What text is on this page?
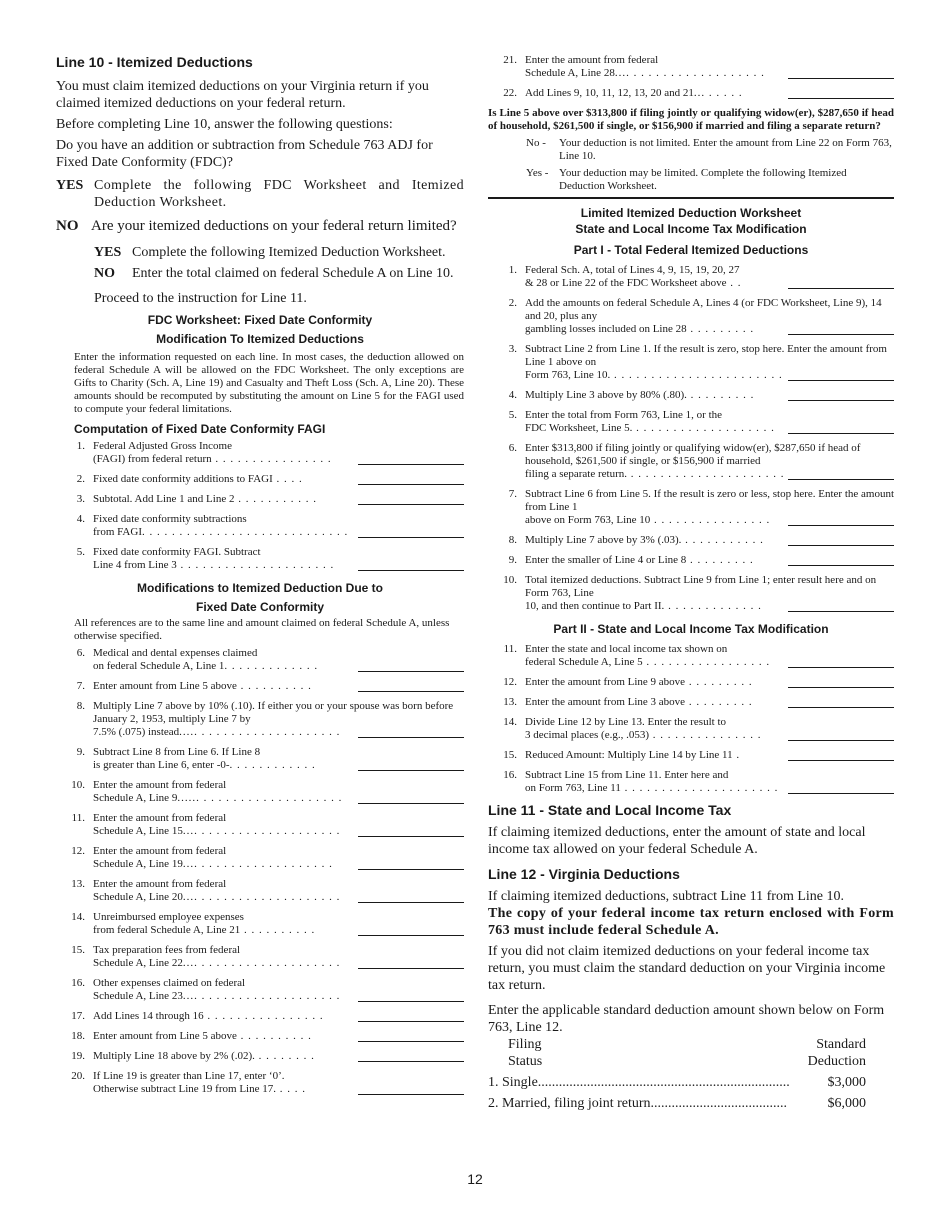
Line 10 - Itemized Deductions

You must claim itemized deductions on your Virginia return if you claimed itemized deductions on your federal return.

Before completing Line 10, answer the following questions:

Do you have an addition or subtraction from Schedule 763 ADJ for Fixed Date Conformity (FDC)?

YES Complete the following FDC Worksheet and Itemized Deduction Worksheet.
NO Are your itemized deductions on your federal return limited?
YES Complete the following Itemized Deduction Worksheet.
NO	Enter the total claimed on federal Schedule A on Line 10.

Proceed to the instruction for Line 11.

FDC Worksheet: Fixed Date Conformity
Modification To Itemized Deductions

Enter the information requested on each line. In most cases, the deduction allowed on federal Schedule A will be allowed on the FDC Worksheet. The only exceptions are Gifts to Charity (Sch. A, Line 19) and Casualty and Theft Loss (Sch. A, Line 20). These amounts should be recomputed by substituting the amount on Line 5 for the FAGI used to compute your federal limitations.

Computation of Fixed Date Conformity FAGI
1. Federal Adjusted Gross Income

(FAGI) from federal return . . . . . . . . . . . . . . . .
2. Fixed date conformity additions to FAGI . . . .
3. Subtotal. Add Line 1 and Line 2 . . . . . . . . . . .
4. Fixed date conformity subtractions

from FAGI. . . . . . . . . . . . . . . . . . . . . . . . . . . .
5. Fixed date conformity FAGI. Subtract

Line 4 from Line 3 . . . . . . . . . . . . . . . . . . . . .
Modifications to Itemized Deduction Due to
Fixed Date Conformity

All references are to the same line and amount claimed on federal Schedule A, unless otherwise specified.

6. Medical and dental expenses claimed

on federal Schedule A, Line 1. . . . . . . . . . . . .
7. Enter amount from Line 5 above . . . . . . . . . .
8. Multiply Line 7 above by 10% (.10). If either you or your spouse was born before January 2, 1953, multiply Line 7 by

7.5% (.075) instead..... . . . . . . . . . . . . . . . . . . .
9. Subtract Line 8 from Line 6. If Line 8

is greater than Line 6, enter -0-. . . . . . . . . . . .
10. Enter the amount from federal

Schedule A, Line 9...... . . . . . . . . . . . . . . . . . . .
11. Enter the amount from federal

Schedule A, Line 15.... . . . . . . . . . . . . . . . . . . .
12. Enter the amount from federal

Schedule A, Line 19.... . . . . . . . . . . . . . . . . . .
13. Enter the amount from federal

Schedule A, Line 20.... . . . . . . . . . . . . . . . . . . .
14. Unreimbursed employee expenses

from federal Schedule A, Line 21 . . . . . . . . . .
15. Tax preparation fees from federal

Schedule A, Line 22.... . . . . . . . . . . . . . . . . . . .
16. Other expenses claimed on federal

Schedule A, Line 23.... . . . . . . . . . . . . . . . . . . .
17. Add Lines 14 through 16 . . . . . . . . . . . . . . . .
18. Enter amount from Line 5 above . . . . . . . . . .
19. Multiply Line 18 above by 2% (.02). . . . . . . . .
20. If Line 19 is greater than Line 17, enter ‘0’.

Otherwise subtract Line 19 from Line 17. . . . .
21. Enter the amount from federal

Schedule A, Line 28.... . . . . . . . . . . . . . . . . . .
22. Add Lines 9, 10, 11, 12, 13, 20 and 21... . . . . .

Is Line 5 above over $313,800 if filing jointly or qualifying widow(er), $287,650 if head of household, $261,500 if single, or $156,900 if married and filing a separate return?

No -	Your deduction is not limited. Enter the amount from Line 22 on Form 763, Line 10.
Yes - Your deduction may be limited. Complete the following Itemized Deduction Worksheet.
Limited Itemized Deduction Worksheet
State and Local Income Tax Modification
Part I - Total Federal Itemized Deductions
1. Federal Sch. A, total of Lines 4, 9, 15, 19, 20, 27

& 28 or Line 22 of the FDC Worksheet above . .
2. Add the amounts on federal Schedule A, Lines 4 (or FDC Worksheet, Line 9), 14 and 20, plus any

gambling losses included on Line 28 . . . . . . . . .
3. Subtract Line 2 from Line 1. If the result is zero, stop here. Enter the amount from Line 1 above on

Form 763, Line 10. . . . . . . . . . . . . . . . . . . . . . . .
4. Multiply Line 3 above by 80% (.80). . . . . . . . . .
5. Enter the total from Form 763, Line 1, or the

FDC Worksheet, Line 5. . . . . . . . . . . . . . . . . . . .
6. Enter $313,800 if filing jointly or qualifying widow(er), $287,650 if head of household, $261,500 if single, or $156,900 if married

filing a separate return. . . . . . . . . . . . . . . . . . . . . .
7. Subtract Line 6 from Line 5. If the result is zero or less, stop here. Enter the amount from Line 1

above on Form 763, Line 10 . . . . . . . . . . . . . . . .
8. Multiply Line 7 above by 3% (.03). . . . . . . . . . . .
9. Enter the smaller of Line 4 or Line 8 . . . . . . . . .
10. Total itemized deductions. Subtract Line 9 from Line 1; enter result here and on Form 763, Line

10, and then continue to Part II. . . . . . . . . . . . . .
Part II - State and Local Income Tax Modification
11. Enter the state and local income tax shown on

federal Schedule A, Line 5 . . . . . . . . . . . . . . . . .
12. Enter the amount from Line 9 above . . . . . . . . .
13. Enter the amount from Line 3 above . . . . . . . . .
14. Divide Line 12 by Line 13. Enter the result to

3 decimal places (e.g., .053) . . . . . . . . . . . . . . .
15. Reduced Amount: Multiply Line 14 by Line 11 .
16. Subtract Line 15 from Line 11. Enter here and

on Form 763, Line 11 . . . . . . . . . . . . . . . . . . . . .
Line 11 - State and Local Income Tax

If claiming itemized deductions, enter the amount of state and local income tax allowed on your federal Schedule A.

Line 12 - Virginia Deductions

If claiming itemized deductions, subtract Line 11 from Line 10.

The copy of your federal income tax return enclosed with Form 763 must include federal Schedule A.

If you did not claim itemized deductions on your federal income tax return, you must claim the standard deduction on your Virginia income tax return.

Enter the applicable standard deduction amount shown below on Form 763, Line 12.

Filing	Standard
Status	Deduction
1. Single........................................................................	$3,000
2. Married, filing joint return.......................................	$6,000
12
